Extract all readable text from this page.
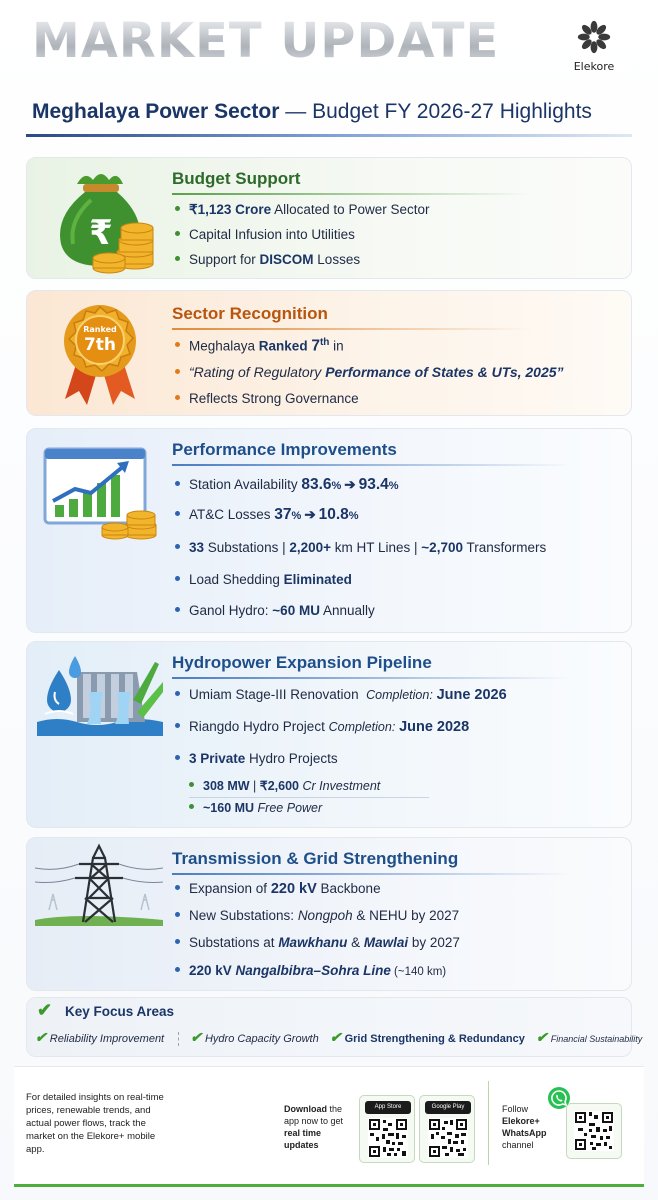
MARKET UPDATE	Elekore
Meghalaya Power Sector — Budget FY 2026-27 Highlights
₹
Budget Support
₹1,123 Crore Allocated to Power Sector
Capital Infusion into Utilities
Support for DISCOM Losses
Ranked
7th
Sector Recognition
Meghalaya Ranked 7th in
“Rating of Regulatory Performance of States & UTs, 2025”
Reflects Strong Governance
Performance Improvements
Station Availability 83.6% ➔ 93.4%
AT&C Losses 37% ➔ 10.8%
33 Substations | 2,200+ km HT Lines | ~2,700 Transformers
Load Shedding Eliminated
Ganol Hydro: ~60 MU Annually
Hydropower Expansion Pipeline
Umiam Stage-III Renovation Completion: June 2026
Riangdo Hydro Project Completion: June 2028
3 Private Hydro Projects
308 MW | ₹2,600 Cr Investment
~160 MU Free Power
Transmission & Grid Strengthening
Expansion of 220 kV Backbone
New Substations: Nongpoh & NEHU by 2027
Substations at Mawkhanu & Mawlai by 2027
220 kV Nangalbibra–Sohra Line (~140 km)
✔ Key Focus Areas
✔ Reliability Improvement ✔ Hydro Capacity Growth ✔ Grid Strengthening & Redundancy ✔ Financial Sustainability
For detailed insights on real-time prices, renewable trends, and actual power flows, track the market on the Elekore+ mobile app.
Download the app now to get real time updates
App Store	Google Play	Follow Elekore+ WhatsApp channel
